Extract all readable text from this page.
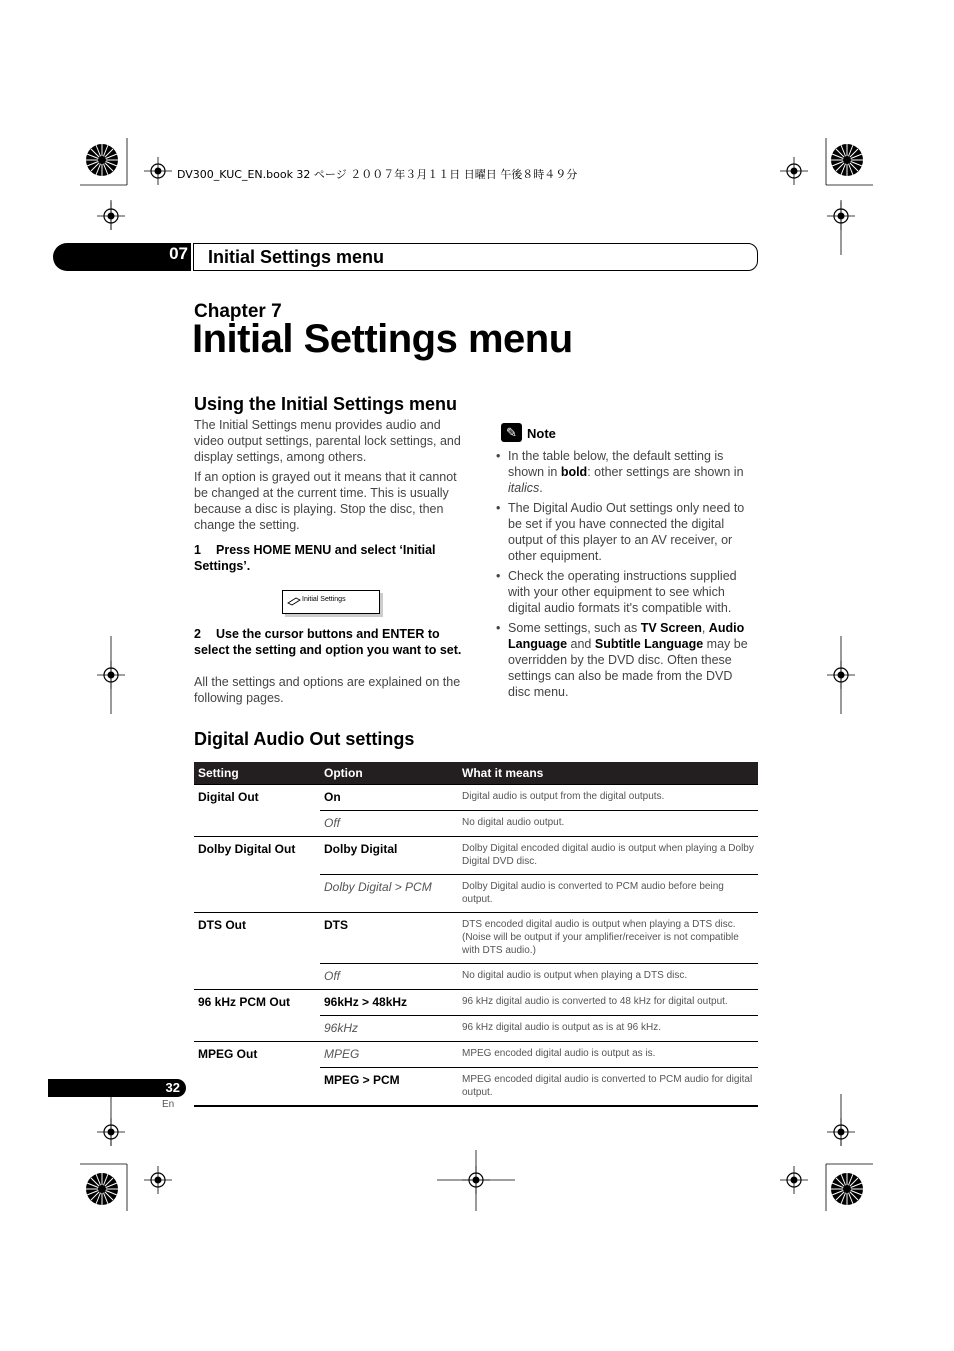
DV300_KUC_EN.book 32 ページ ２００７年３月１１日 日曜日 午後８時４９分
07 Initial Settings menu
Chapter 7
Initial Settings menu
Using the Initial Settings menu
The Initial Settings menu provides audio and video output settings, parental lock settings, and display settings, among others.
If an option is grayed out it means that it cannot be changed at the current time. This is usually because a disc is playing. Stop the disc, then change the setting.
1 Press HOME MENU and select ‘Initial Settings’.
Initial Settings
2 Use the cursor buttons and ENTER to select the setting and option you want to set.
All the settings and options are explained on the following pages.
✎ Note
• In the table below, the default setting is shown in bold: other settings are shown in italics.
• The Digital Audio Out settings only need to be set if you have connected the digital output of this player to an AV receiver, or other equipment.
• Check the operating instructions supplied with your other equipment to see which digital audio formats it's compatible with.
• Some settings, such as TV Screen, Audio Language and Subtitle Language may be overridden by the DVD disc. Often these settings can also be made from the DVD disc menu.
Digital Audio Out settings
Setting	Option	What it means
Digital Out	On	Digital audio is output from the digital outputs.
	Off	No digital audio output.
Dolby Digital Out	Dolby Digital	Dolby Digital encoded digital audio is output when playing a Dolby Digital DVD disc.
	Dolby Digital > PCM	Dolby Digital audio is converted to PCM audio before being output.
DTS Out	DTS	DTS encoded digital audio is output when playing a DTS disc. (Noise will be output if your amplifier/receiver is not compatible with DTS audio.)
	Off	No digital audio is output when playing a DTS disc.
96 kHz PCM Out	96kHz > 48kHz	96 kHz digital audio is converted to 48 kHz for digital output.
	96kHz	96 kHz digital audio is output as is at 96 kHz.
MPEG Out	MPEG	MPEG encoded digital audio is output as is.
	MPEG > PCM	MPEG encoded digital audio is converted to PCM audio for digital output.
32
En
